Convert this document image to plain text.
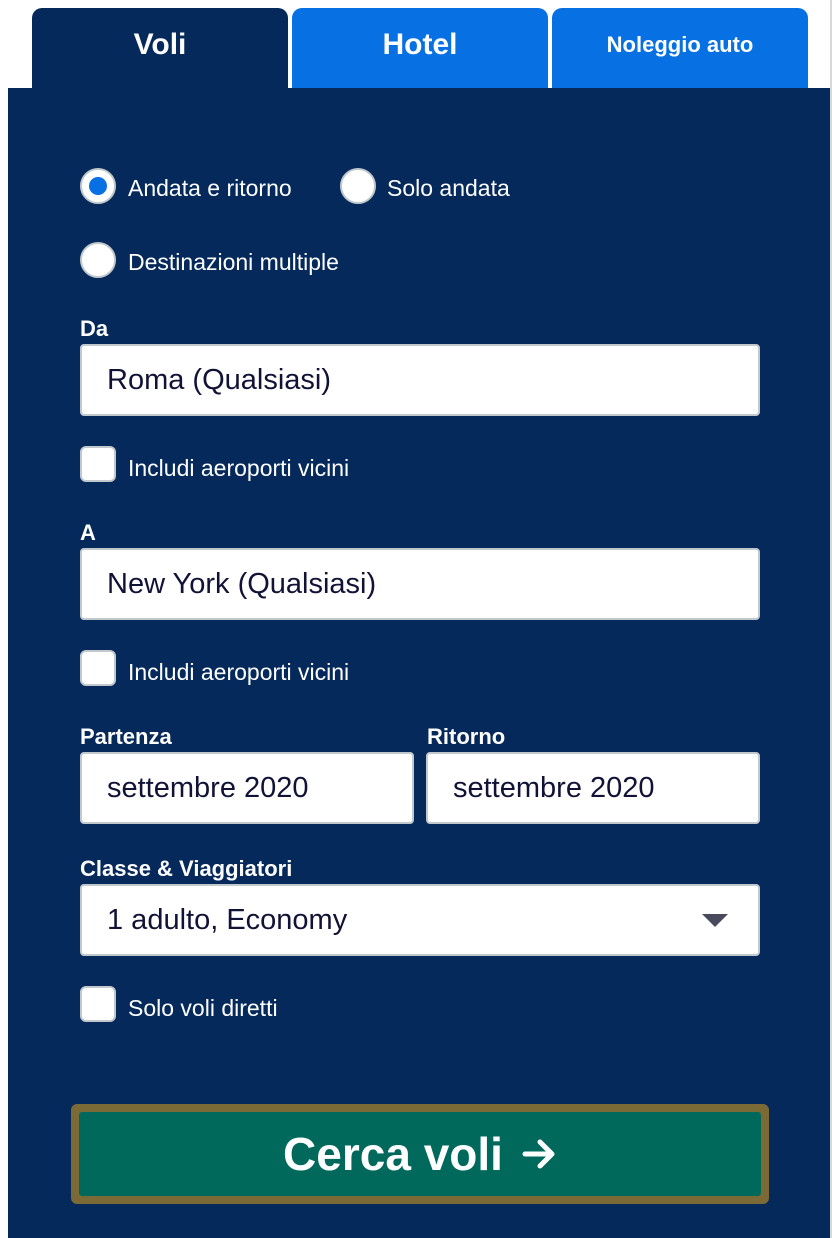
Voli	Hotel	Noleggio auto
Andata e ritorno	Solo andata
Destinazioni multiple
Da
Roma (Qualsiasi)
Includi aeroporti vicini
A
New York (Qualsiasi)
Includi aeroporti vicini
Partenza
settembre 2020
Ritorno
settembre 2020
Classe & Viaggiatori
1 adulto, Economy
Solo voli diretti
Cerca voli
